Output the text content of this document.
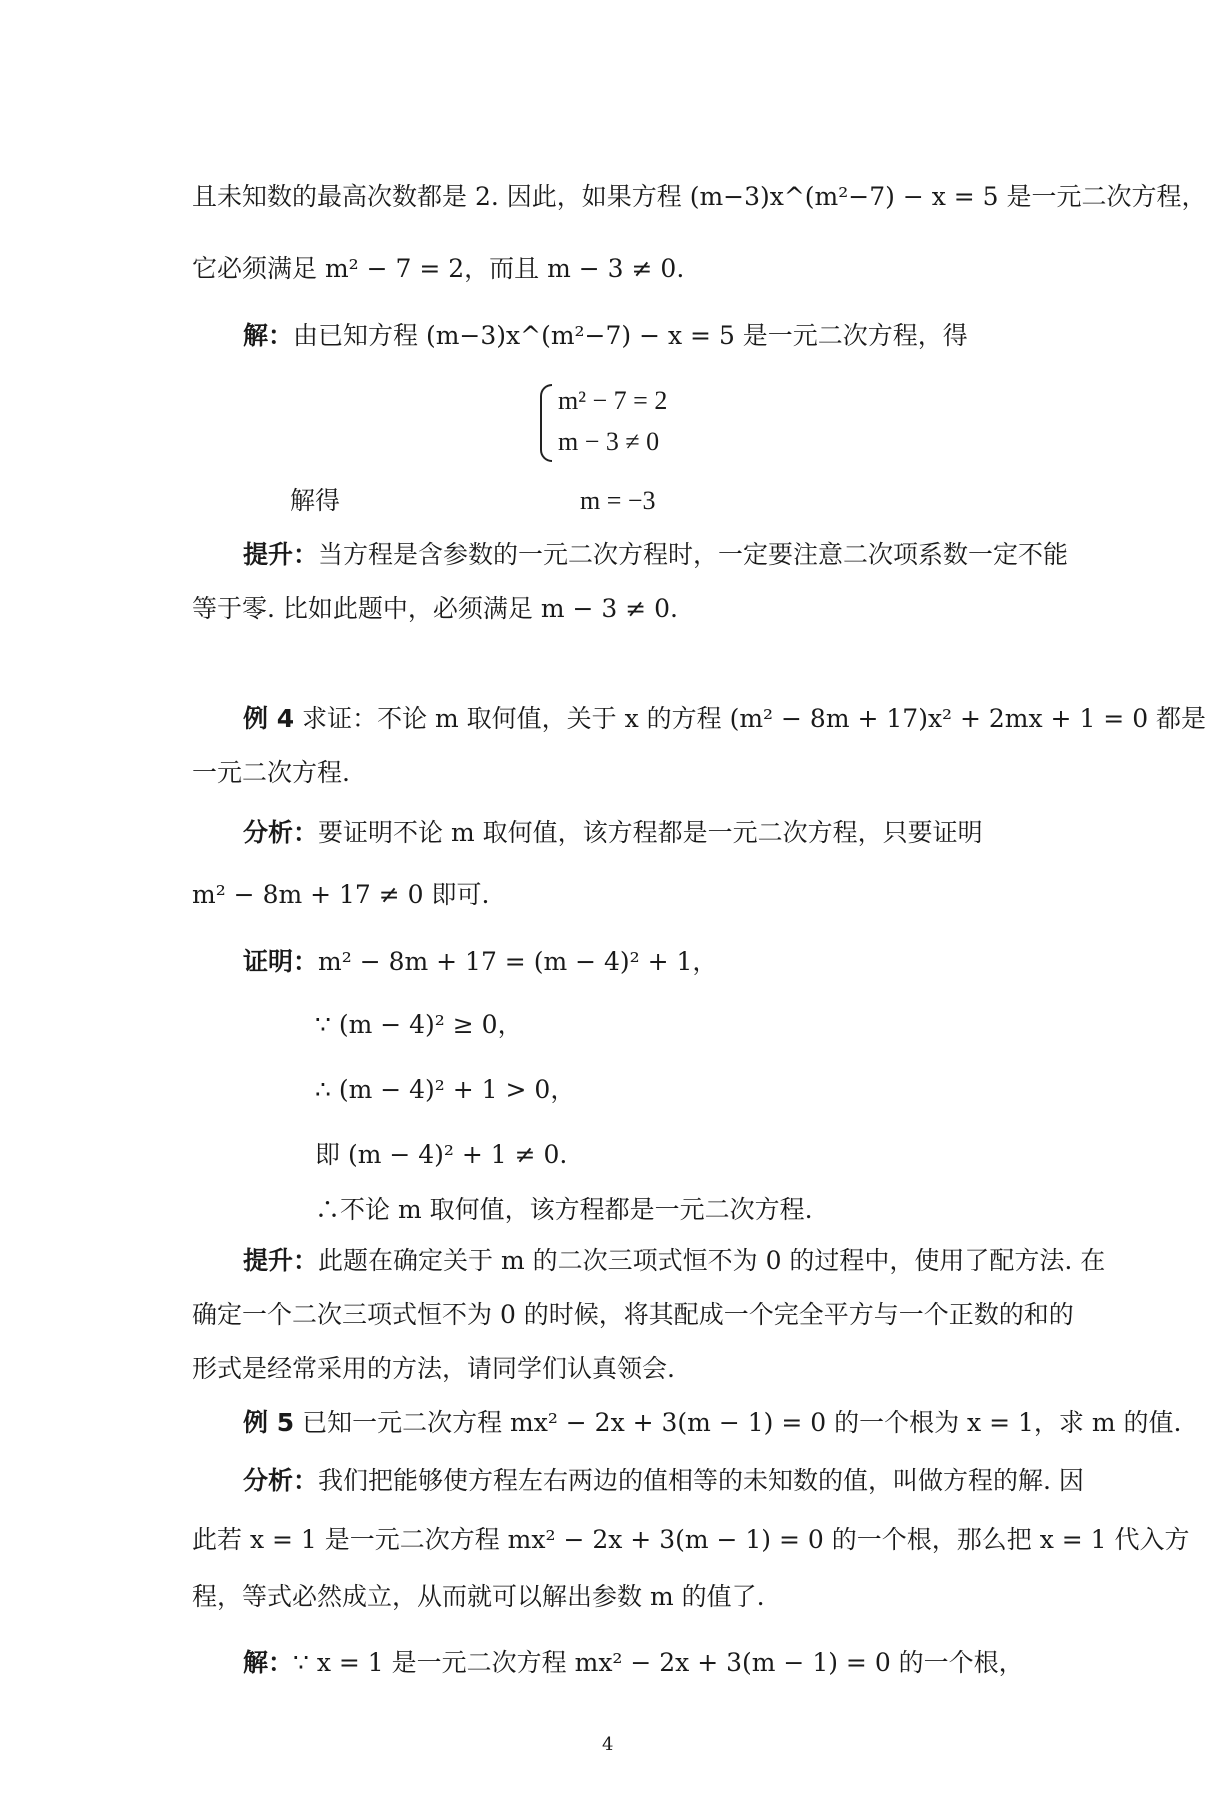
且未知数的最高次数都是 2. 因此，如果方程 (m−3)x^(m²−7) − x = 5 是一元二次方程，
它必须满足 m² − 7 = 2，而且 m − 3 ≠ 0.
解：由已知方程 (m−3)x^(m²−7) − x = 5 是一元二次方程，得
m² − 7 = 2
m − 3 ≠ 0
解得	m = −3
提升：当方程是含参数的一元二次方程时，一定要注意二次项系数一定不能
等于零. 比如此题中，必须满足 m − 3 ≠ 0.
例 4 求证：不论 m 取何值，关于 x 的方程 (m² − 8m + 17)x² + 2mx + 1 = 0 都是
一元二次方程.
分析：要证明不论 m 取何值，该方程都是一元二次方程，只要证明
m² − 8m + 17 ≠ 0 即可.
证明：m² − 8m + 17 = (m − 4)² + 1，
∵ (m − 4)² ≥ 0，
∴ (m − 4)² + 1 > 0，
即 (m − 4)² + 1 ≠ 0.
∴不论 m 取何值，该方程都是一元二次方程.
提升：此题在确定关于 m 的二次三项式恒不为 0 的过程中，使用了配方法. 在
确定一个二次三项式恒不为 0 的时候，将其配成一个完全平方与一个正数的和的
形式是经常采用的方法，请同学们认真领会.
例 5 已知一元二次方程 mx² − 2x + 3(m − 1) = 0 的一个根为 x = 1，求 m 的值.
分析：我们把能够使方程左右两边的值相等的未知数的值，叫做方程的解. 因
此若 x = 1 是一元二次方程 mx² − 2x + 3(m − 1) = 0 的一个根，那么把 x = 1 代入方
程，等式必然成立，从而就可以解出参数 m 的值了.
解：∵ x = 1 是一元二次方程 mx² − 2x + 3(m − 1) = 0 的一个根，
4
